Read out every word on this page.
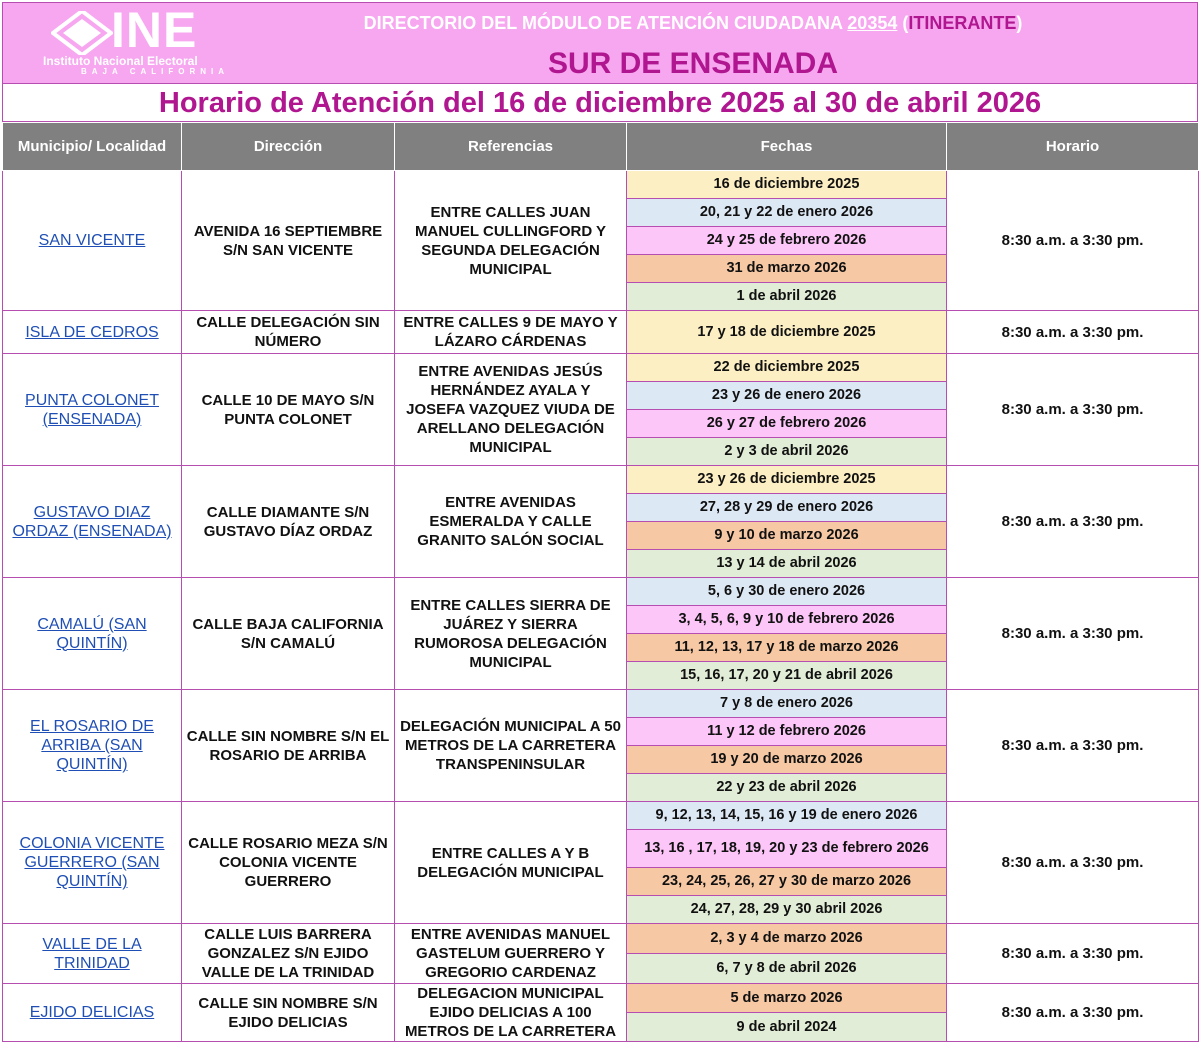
INE
Instituto Nacional Electoral
BAJA CALIFORNIA
DIRECTORIO DEL MÓDULO DE ATENCIÓN CIUDADANA 20354 (ITINERANTE)
SUR DE ENSENADA
Horario de Atención del 16 de diciembre 2025 al 30 de abril 2026
Municipio/ Localidad	Dirección	Referencias	Fechas	Horario
SAN VICENTE	AVENIDA 16 SEPTIEMBRE S/N SAN VICENTE	ENTRE CALLES JUAN MANUEL CULLINGFORD Y SEGUNDA DELEGACIÓN MUNICIPAL	16 de diciembre 2025	8:30 a.m. a 3:30 pm.
			20, 21 y 22 de enero 2026	
			24 y 25 de febrero 2026	
			31 de marzo 2026	
			1 de abril 2026	
ISLA DE CEDROS	CALLE DELEGACIÓN SIN NÚMERO	ENTRE CALLES 9 DE MAYO Y LÁZARO CÁRDENAS	17 y 18 de diciembre 2025	8:30 a.m. a 3:30 pm.
PUNTA COLONET (ENSENADA)	CALLE 10 DE MAYO S/N PUNTA COLONET	ENTRE AVENIDAS JESÚS HERNÁNDEZ AYALA Y JOSEFA VAZQUEZ VIUDA DE ARELLANO DELEGACIÓN MUNICIPAL	22 de diciembre 2025	8:30 a.m. a 3:30 pm.
			23 y 26 de enero 2026	
			26 y 27 de febrero 2026	
			2 y 3 de abril 2026	
GUSTAVO DIAZ ORDAZ (ENSENADA)	CALLE DIAMANTE S/N GUSTAVO DÍAZ ORDAZ	ENTRE AVENIDAS ESMERALDA Y CALLE GRANITO SALÓN SOCIAL	23 y 26 de diciembre 2025	8:30 a.m. a 3:30 pm.
			27, 28 y 29 de enero 2026	
			9 y 10 de marzo 2026	
			13 y 14 de abril 2026	
CAMALÚ (SAN QUINTÍN)	CALLE BAJA CALIFORNIA S/N CAMALÚ	ENTRE CALLES SIERRA DE JUÁREZ Y SIERRA RUMOROSA DELEGACIÓN MUNICIPAL	5, 6 y 30 de enero 2026	8:30 a.m. a 3:30 pm.
			3, 4, 5, 6, 9 y 10 de febrero 2026	
			11, 12, 13, 17 y 18 de marzo 2026	
			15, 16, 17, 20 y 21 de abril 2026	
EL ROSARIO DE ARRIBA (SAN QUINTÍN)	CALLE SIN NOMBRE S/N EL ROSARIO DE ARRIBA	DELEGACIÓN MUNICIPAL A 50 METROS DE LA CARRETERA TRANSPENINSULAR	7 y 8 de enero 2026	8:30 a.m. a 3:30 pm.
			11 y 12 de febrero 2026	
			19 y 20 de marzo 2026	
			22 y 23 de abril 2026	
COLONIA VICENTE GUERRERO (SAN QUINTÍN)	CALLE ROSARIO MEZA S/N COLONIA VICENTE GUERRERO	ENTRE CALLES A Y B DELEGACIÓN MUNICIPAL	9, 12, 13, 14, 15, 16 y 19 de enero 2026	8:30 a.m. a 3:30 pm.
			13, 16 , 17, 18, 19, 20 y 23 de febrero 2026	
			23, 24, 25, 26, 27 y 30 de marzo 2026	
			24, 27, 28, 29 y 30 abril 2026	
VALLE DE LA TRINIDAD	CALLE LUIS BARRERA GONZALEZ S/N EJIDO VALLE DE LA TRINIDAD	ENTRE AVENIDAS MANUEL GASTELUM GUERRERO Y GREGORIO CARDENAZ	2, 3 y 4 de marzo 2026	8:30 a.m. a 3:30 pm.
			6, 7 y 8 de abril 2026	
EJIDO DELICIAS	CALLE SIN NOMBRE S/N EJIDO DELICIAS	DELEGACION MUNICIPAL EJIDO DELICIAS A 100 METROS DE LA CARRETERA	5 de marzo 2026	8:30 a.m. a 3:30 pm.
			9 de abril 2024	
